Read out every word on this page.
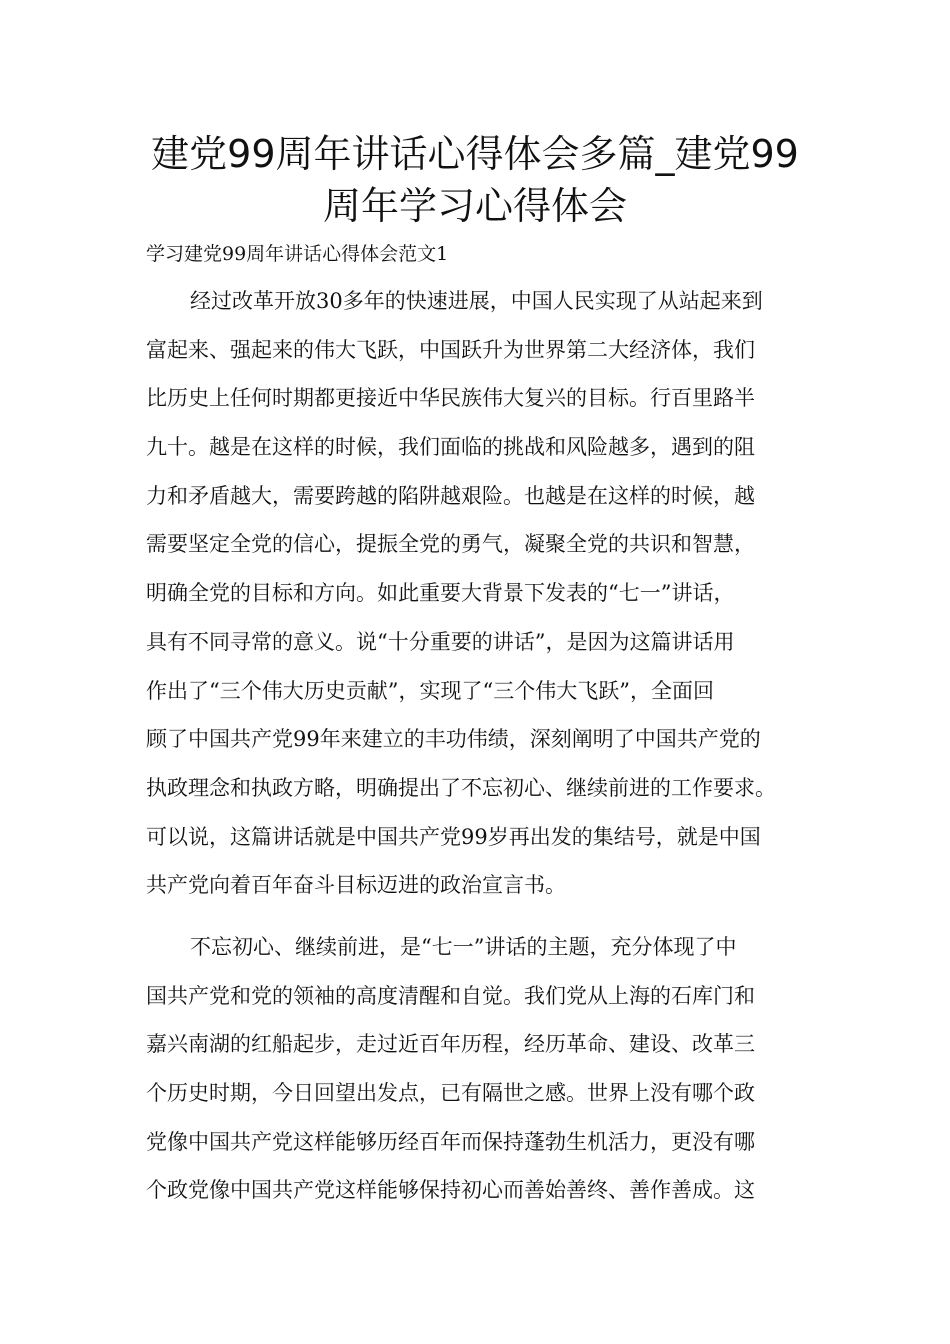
建党99周年讲话心得体会多篇_建党99
周年学习心得体会

学习建党99周年讲话心得体会范文1

经过改革开放30多年的快速进展，中国人民实现了从站起来到
富起来、强起来的伟大飞跃，中国跃升为世界第二大经济体，我们
比历史上任何时期都更接近中华民族伟大复兴的目标。行百里路半
九十。越是在这样的时候，我们面临的挑战和风险越多，遇到的阻
力和矛盾越大，需要跨越的陷阱越艰险。也越是在这样的时候，越
需要坚定全党的信心，提振全党的勇气，凝聚全党的共识和智慧，
明确全党的目标和方向。如此重要大背景下发表的“七一”讲话，
具有不同寻常的意义。说“十分重要的讲话”，是因为这篇讲话用
作出了“三个伟大历史贡献”，实现了“三个伟大飞跃”，全面回
顾了中国共产党99年来建立的丰功伟绩，深刻阐明了中国共产党的
执政理念和执政方略，明确提出了不忘初心、继续前进的工作要求。
可以说，这篇讲话就是中国共产党99岁再出发的集结号，就是中国
共产党向着百年奋斗目标迈进的政治宣言书。
不忘初心、继续前进，是“七一”讲话的主题，充分体现了中
国共产党和党的领袖的高度清醒和自觉。我们党从上海的石库门和
嘉兴南湖的红船起步，走过近百年历程，经历革命、建设、改革三
个历史时期，今日回望出发点，已有隔世之感。世界上没有哪个政
党像中国共产党这样能够历经百年而保持蓬勃生机活力，更没有哪
个政党像中国共产党这样能够保持初心而善始善终、善作善成。这
